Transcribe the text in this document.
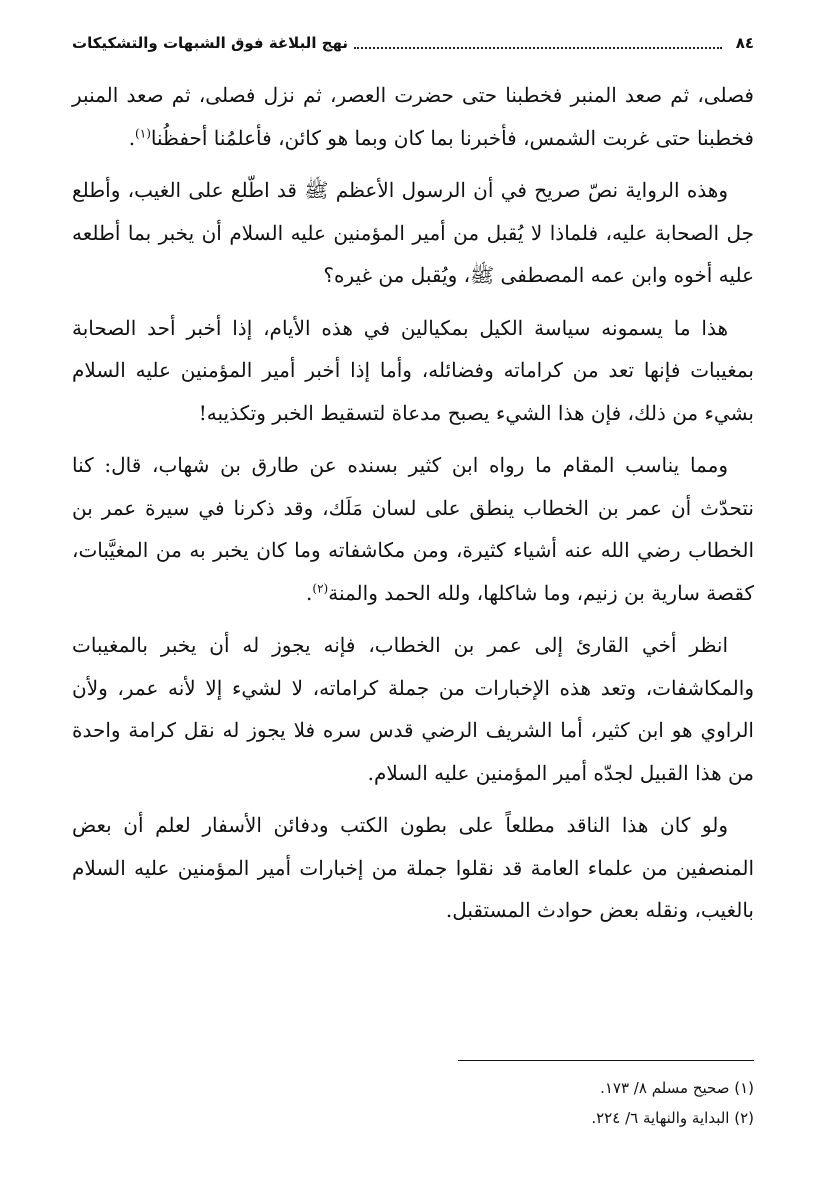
٨٤
نهج البلاغة فوق الشبهات والتشكيكات

فصلى، ثم صعد المنبر فخطبنا حتى حضرت العصر، ثم نزل فصلى، ثم صعد المنبر فخطبنا حتى غربت الشمس، فأخبرنا بما كان وبما هو كائن، فأعلمُنا أحفظُنا$^{(١)}$.

وهذه الرواية نصّ صريح في أن الرسول الأعظم ﷺ قد اطّلع على الغيب، وأطلع جل الصحابة عليه، فلماذا لا يُقبل من أمير المؤمنين عليه السلام أن يخبر بما أطلعه عليه أخوه وابن عمه المصطفى ﷺ، ويُقبل من غيره؟

هذا ما يسمونه سياسة الكيل بمكيالين في هذه الأيام، إذا أخبر أحد الصحابة بمغيبات فإنها تعد من كراماته وفضائله، وأما إذا أخبر أمير المؤمنين عليه السلام بشيء من ذلك، فإن هذا الشيء يصبح مدعاة لتسقيط الخبر وتكذيبه!

ومما يناسب المقام ما رواه ابن كثير بسنده عن طارق بن شهاب، قال: كنا نتحدّث أن عمر بن الخطاب ينطق على لسان مَلَك، وقد ذكرنا في سيرة عمر بن الخطاب رضي الله عنه أشياء كثيرة، ومن مكاشفاته وما كان يخبر به من المغيَّبات، كقصة سارية بن زنيم، وما شاكلها، ولله الحمد والمنة$^{(٢)}$.

انظر أخي القارئ إلى عمر بن الخطاب، فإنه يجوز له أن يخبر بالمغيبات والمكاشفات، وتعد هذه الإخبارات من جملة كراماته، لا لشيء إلا لأنه عمر، ولأن الراوي هو ابن كثير، أما الشريف الرضي قدس سره فلا يجوز له نقل كرامة واحدة من هذا القبيل لجدّه أمير المؤمنين عليه السلام.

ولو كان هذا الناقد مطلعاً على بطون الكتب ودفائن الأسفار لعلم أن بعض المنصفين من علماء العامة قد نقلوا جملة من إخبارات أمير المؤمنين عليه السلام بالغيب، ونقله بعض حوادث المستقبل.

(١) صحيح مسلم ٨/ ١٧٣.
(٢) البداية والنهاية ٦/ ٢٢٤.
